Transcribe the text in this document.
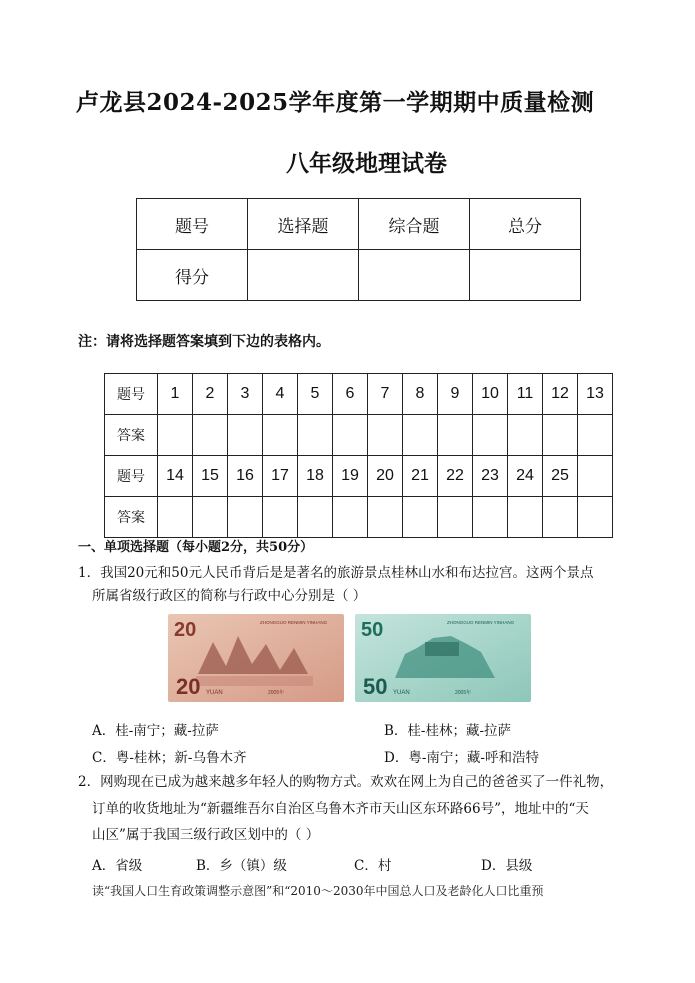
卢龙县2024-2025学年度第一学期期中质量检测
八年级地理试卷
题号	选择题	综合题	总分
得分			
注：请将选择题答案填到下边的表格内。
题号	1	2	3	4	5	6	7	8	9	10	11	12	13
答案													
题号	14	15	16	17	18	19	20	21	22	23	24	25	
答案													
一、单项选择题（每小题2分，共50分）
1．我国20元和50元人民币背后是是著名的旅游景点桂林山水和布达拉宫。这两个景点
所属省级行政区的简称与行政中心分别是（ ）
20
20 YUAN
ZHONGGUO RENMIN YINHANG
2005年
50
50 YUAN
ZHONGGUO RENMIN YINHANG
2005年
A．桂-南宁；藏-拉萨	B．桂-桂林；藏-拉萨
C．粤-桂林；新-乌鲁木齐	D．粤-南宁；藏-呼和浩特
2．网购现在已成为越来越多年轻人的购物方式。欢欢在网上为自己的爸爸买了一件礼物，
订单的收货地址为“新疆维吾尔自治区乌鲁木齐市天山区东环路66号”，地址中的“天
山区”属于我国三级行政区划中的（ ）
A．省级	B．乡（镇）级	C．村	D．县级
读“我国人口生育政策调整示意图”和“2010～2030年中国总人口及老龄化人口比重预
